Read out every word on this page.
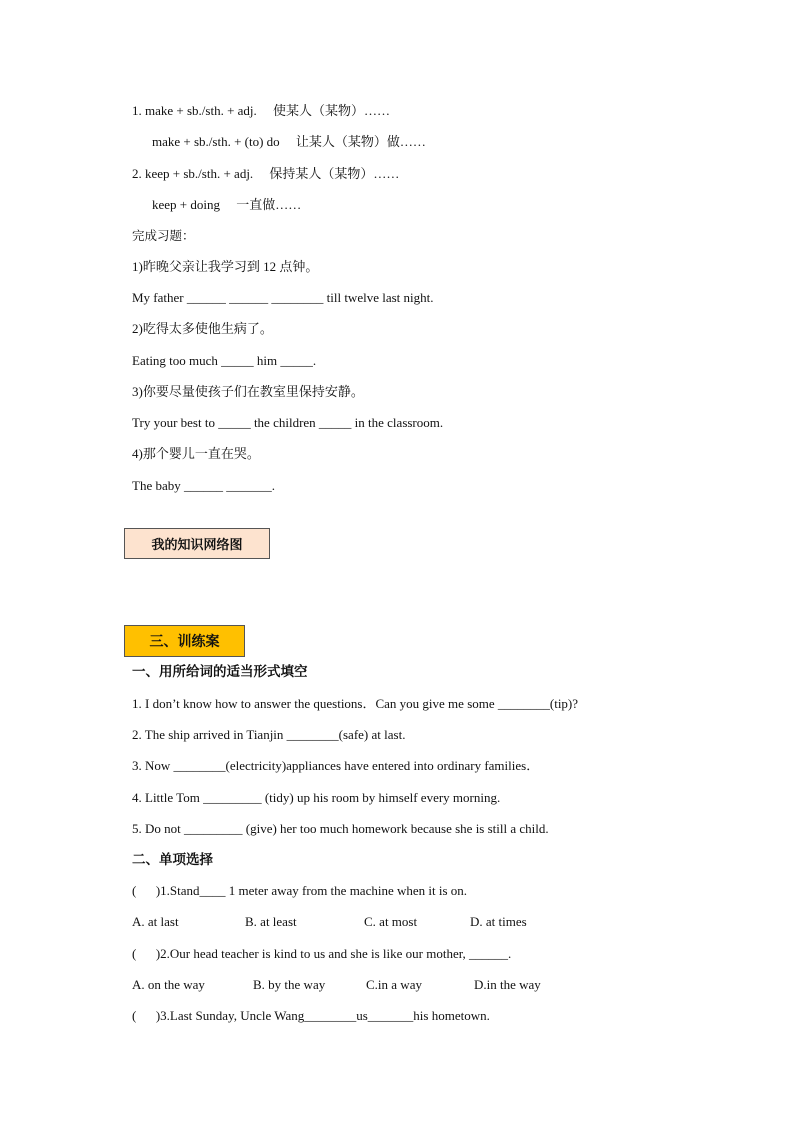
1. make + sb./sth. + adj.     使某人（某物）……
make + sb./sth. + (to) do     让某人（某物）做……
2. keep + sb./sth. + adj.     保持某人（某物）……
keep + doing     一直做……
完成习题：
1)昨晚父亲让我学习到 12 点钟。
My father ______ ______ ________ till twelve last night.
2)吃得太多使他生病了。
Eating too much _____ him _____.
3)你要尽量使孩子们在教室里保持安静。
Try your best to _____ the children _____ in the classroom.
4)那个婴儿一直在哭。
The baby ______ _______.
我的知识网络图
三、训练案
一、用所给词的适当形式填空
1. I don’t know how to answer the questions．Can you give me some ________(tip)?
2. The ship arrived in Tianjin ________(safe) at last.
3. Now ________(electricity)appliances have entered into ordinary families．
4. Little Tom _________ (tidy) up his room by himself every morning.
5. Do not _________ (give) her too much homework because she is still a child.
二、单项选择
(      )1.Stand____ 1 meter away from the machine when it is on.
A. at last	B. at least	C. at most	D. at times
(      )2.Our head teacher is kind to us and she is like our mother, ______.
A. on the way	B. by the way	C.in a way	D.in the way
(      )3.Last Sunday, Uncle Wang________us_______his hometown.
